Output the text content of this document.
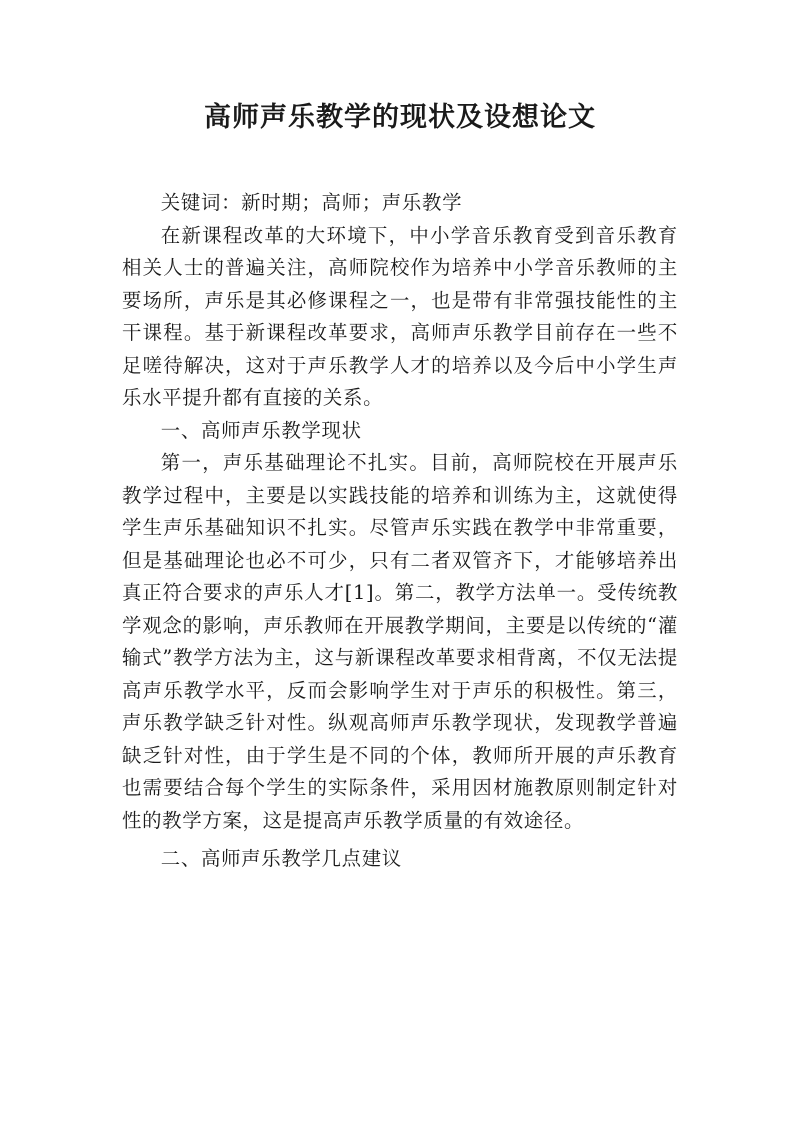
高师声乐教学的现状及设想论文

关键词：新时期；高师；声乐教学

在新课程改革的大环境下，中小学音乐教育受到音乐教育相关人士的普遍关注，高师院校作为培养中小学音乐教师的主要场所，声乐是其必修课程之一，也是带有非常强技能性的主干课程。基于新课程改革要求，高师声乐教学目前存在一些不足嗟待解决，这对于声乐教学人才的培养以及今后中小学生声乐水平提升都有直接的关系。

一、高师声乐教学现状

第一，声乐基础理论不扎实。目前，高师院校在开展声乐教学过程中，主要是以实践技能的培养和训练为主，这就使得学生声乐基础知识不扎实。尽管声乐实践在教学中非常重要，但是基础理论也必不可少，只有二者双管齐下，才能够培养出真正符合要求的声乐人才[1]。第二，教学方法单一。受传统教学观念的影响，声乐教师在开展教学期间，主要是以传统的“灌输式”教学方法为主，这与新课程改革要求相背离，不仅无法提高声乐教学水平，反而会影响学生对于声乐的积极性。第三，声乐教学缺乏针对性。纵观高师声乐教学现状，发现教学普遍缺乏针对性，由于学生是不同的个体，教师所开展的声乐教育也需要结合每个学生的实际条件，采用因材施教原则制定针对性的教学方案，这是提高声乐教学质量的有效途径。

二、高师声乐教学几点建议
